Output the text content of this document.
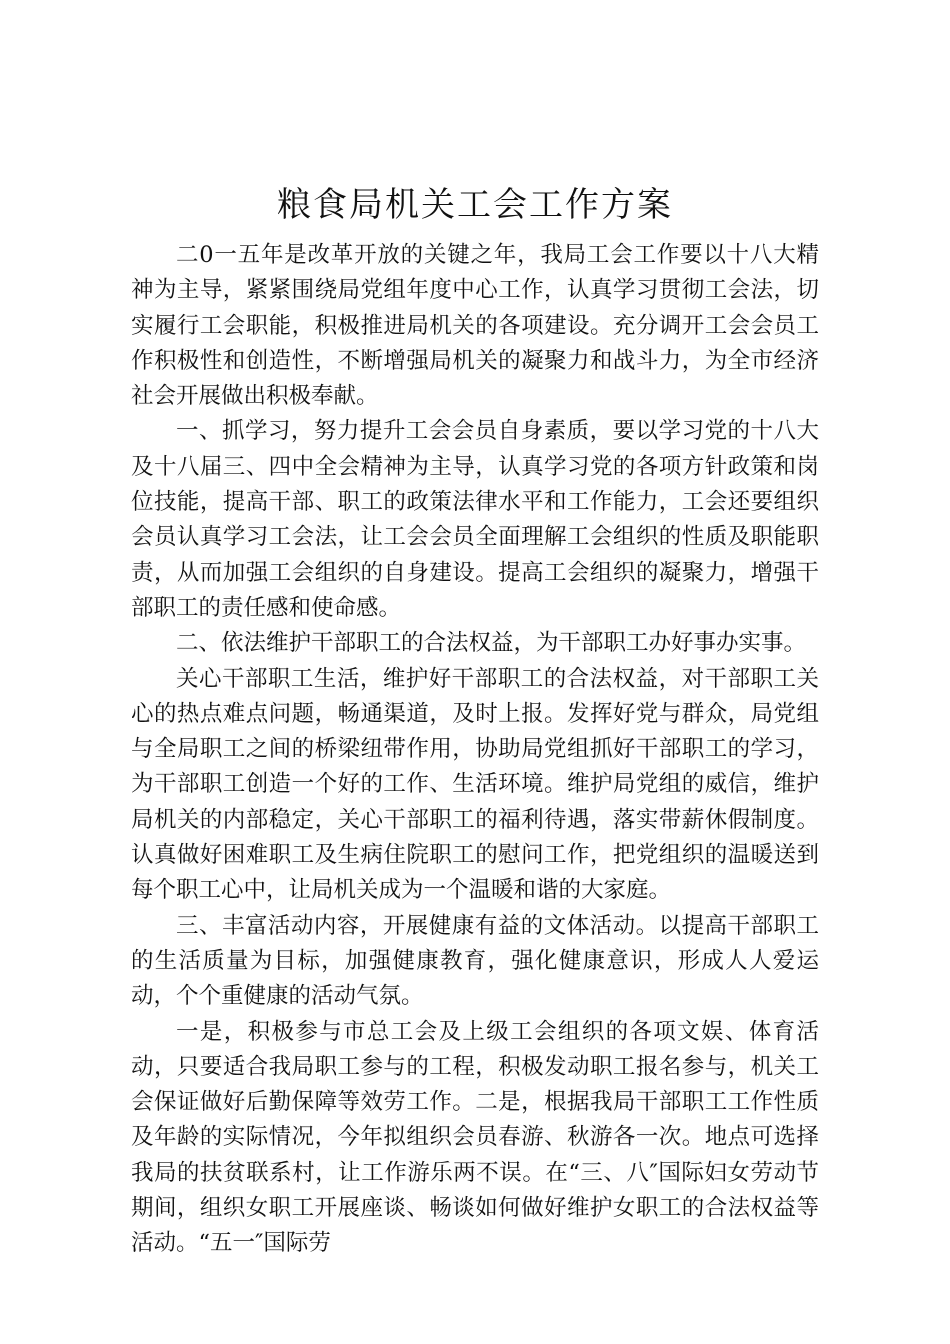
粮食局机关工会工作方案

二0一五年是改革开放的关键之年，我局工会工作要以十八大精神为主导，紧紧围绕局党组年度中心工作，认真学习贯彻工会法，切实履行工会职能，积极推进局机关的各项建设。充分调开工会会员工作积极性和创造性，不断增强局机关的凝聚力和战斗力，为全市经济社会开展做出积极奉献。

一、抓学习，努力提升工会会员自身素质，要以学习党的十八大及十八届三、四中全会精神为主导，认真学习党的各项方针政策和岗位技能，提高干部、职工的政策法律水平和工作能力，工会还要组织会员认真学习工会法，让工会会员全面理解工会组织的性质及职能职责，从而加强工会组织的自身建设。提高工会组织的凝聚力，增强干部职工的责任感和使命感。

二、依法维护干部职工的合法权益，为干部职工办好事办实事。

关心干部职工生活，维护好干部职工的合法权益，对干部职工关心的热点难点问题，畅通渠道，及时上报。发挥好党与群众，局党组与全局职工之间的桥梁纽带作用，协助局党组抓好干部职工的学习，为干部职工创造一个好的工作、生活环境。维护局党组的威信，维护局机关的内部稳定，关心干部职工的福利待遇，落实带薪休假制度。认真做好困难职工及生病住院职工的慰问工作，把党组织的温暖送到每个职工心中，让局机关成为一个温暖和谐的大家庭。

三、丰富活动内容，开展健康有益的文体活动。以提高干部职工的生活质量为目标，加强健康教育，强化健康意识，形成人人爱运动，个个重健康的活动气氛。

一是，积极参与市总工会及上级工会组织的各项文娱、体育活动，只要适合我局职工参与的工程，积极发动职工报名参与，机关工会保证做好后勤保障等效劳工作。二是，根据我局干部职工工作性质及年龄的实际情况，今年拟组织会员春游、秋游各一次。地点可选择我局的扶贫联系村，让工作游乐两不误。在“三、八″国际妇女劳动节期间，组织女职工开展座谈、畅谈如何做好维护女职工的合法权益等活动。“五一″国际劳
